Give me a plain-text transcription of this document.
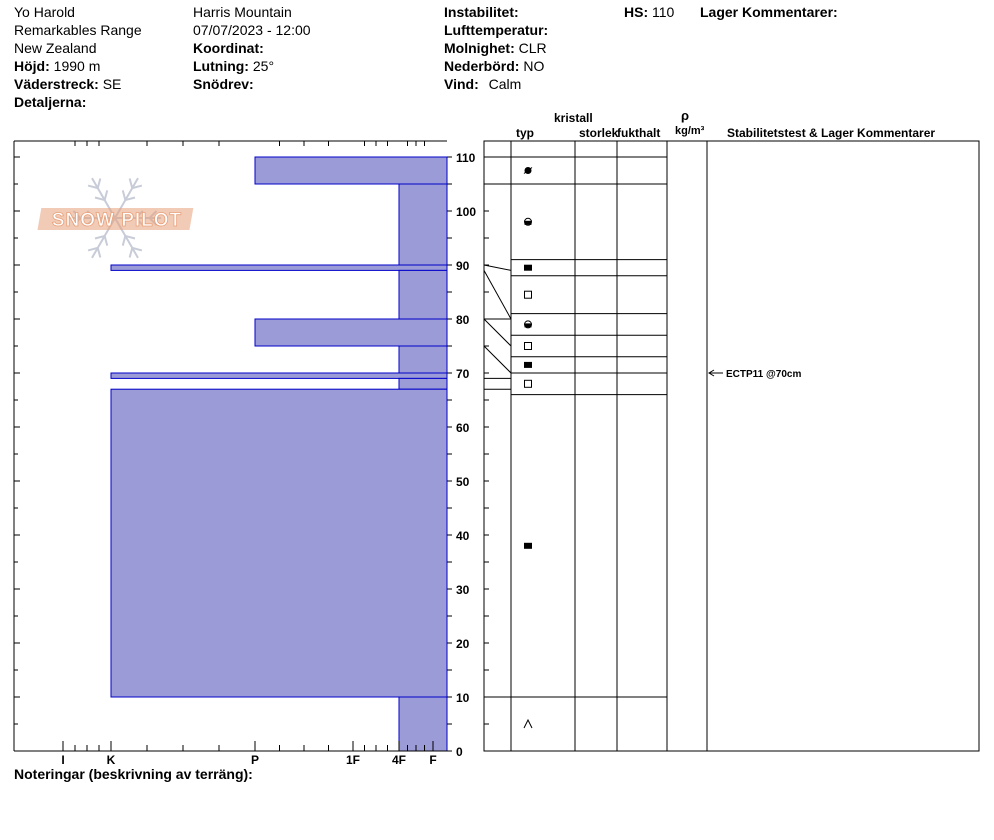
Yo Harold
Remarkables Range
New Zealand
Höjd: 1990 m
Väderstreck: SE
Detaljerna:
Harris Mountain
07/07/2023 - 12:00
Koordinat:
Lutning: 25°
Snödrev:
Instabilitet:
Lufttemperatur:
Molnighet: CLR
Nederbörd: NO
Vind: Calm
HS: 110 Lager Kommentarer:
kristall
typ	storlek
fukthalt
ρ
kg/m³ Stabilitetstest & Lager Kommentarer
Noteringar (beskrivning av terräng):
SNOW PILOT
I	K	P	1F	4F F
0
10
20
30
40
50
60
70
80
90
100
110
ECTP11 @70cm
